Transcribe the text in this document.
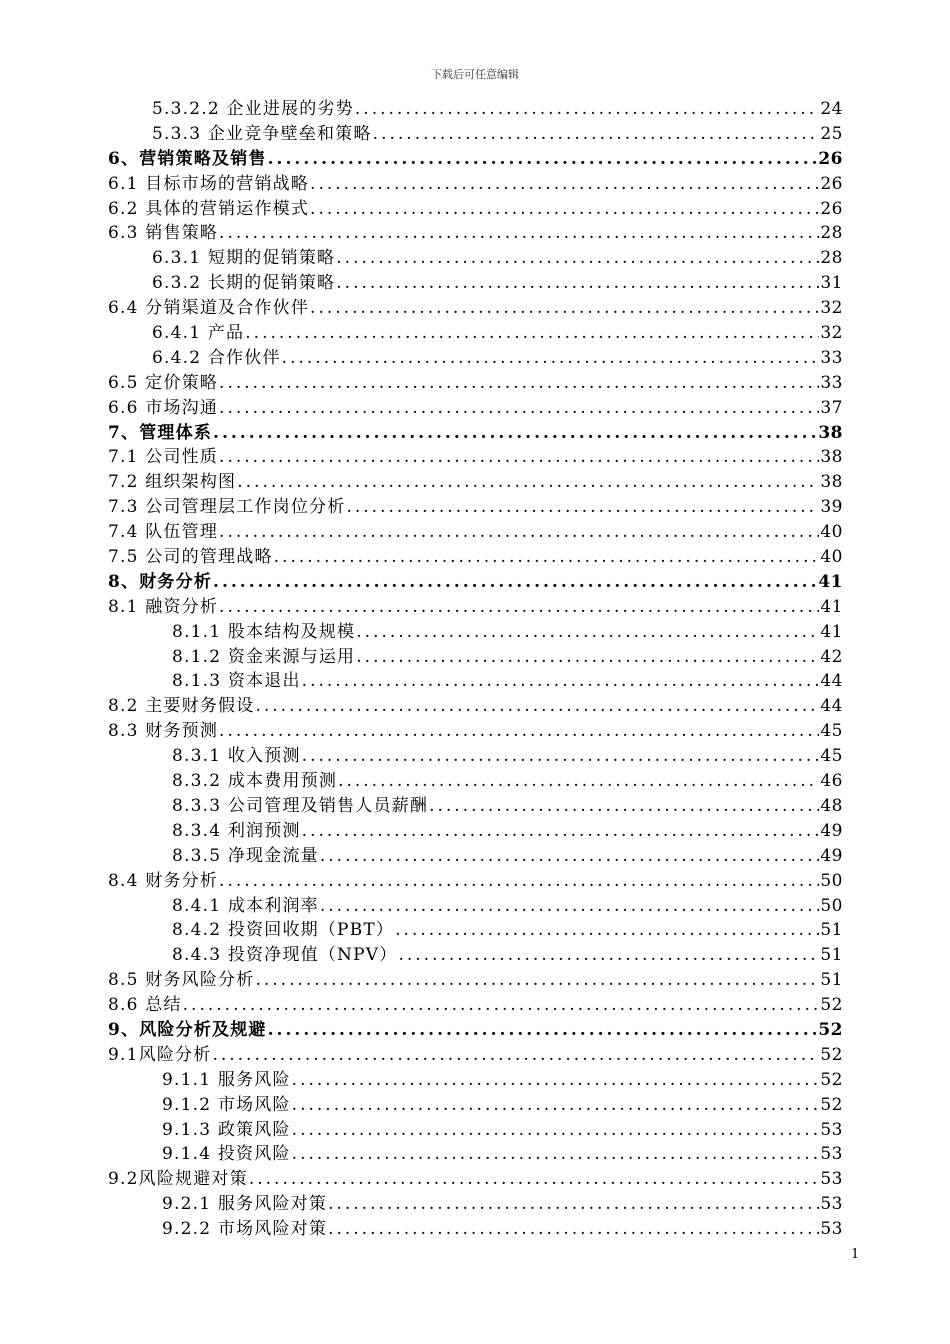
下载后可任意编辑
5.3.2.2 企业进展的劣势 .....	24
5.3.3 企业竞争壁垒和策略 .....	25
6、营销策略及销售 .....	26
6.1 目标市场的营销战略 .....	26
6.2 具体的营销运作模式 .....	26
6.3 销售策略 .....	28
6.3.1 短期的促销策略 .....	28
6.3.2 长期的促销策略 .....	31
6.4 分销渠道及合作伙伴 .....	32
6.4.1 产品 .....	32
6.4.2 合作伙伴 .....	33
6.5 定价策略 .....	33
6.6 市场沟通 .....	37
7、管理体系 .....	38
7.1 公司性质 .....	38
7.2 组织架构图 .....	38
7.3 公司管理层工作岗位分析 .....	39
7.4 队伍管理 .....	40
7.5 公司的管理战略 .....	40
8、财务分析 .....	41
8.1 融资分析 .....	41
8.1.1 股本结构及规模 .....	41
8.1.2 资金来源与运用 .....	42
8.1.3 资本退出 .....	44
8.2 主要财务假设 .....	44
8.3 财务预测 .....	45
8.3.1 收入预测 .....	45
8.3.2 成本费用预测 .....	46
8.3.3 公司管理及销售人员薪酬 .....	48
8.3.4 利润预测 .....	49
8.3.5 净现金流量 .....	49
8.4 财务分析 .....	50
8.4.1 成本利润率 .....	50
8.4.2 投资回收期（PBT） .....	51
8.4.3 投资净现值（NPV） .....	51
8.5 财务风险分析 .....	51
8.6 总结 .....	52
9、风险分析及规避 .....	52
9.1风险分析 .....	52
9.1.1 服务风险 .....	52
9.1.2 市场风险 .....	52
9.1.3 政策风险 .....	53
9.1.4 投资风险 .....	53
9.2风险规避对策 .....	53
9.2.1 服务风险对策 .....	53
9.2.2 市场风险对策 .....	53
1
